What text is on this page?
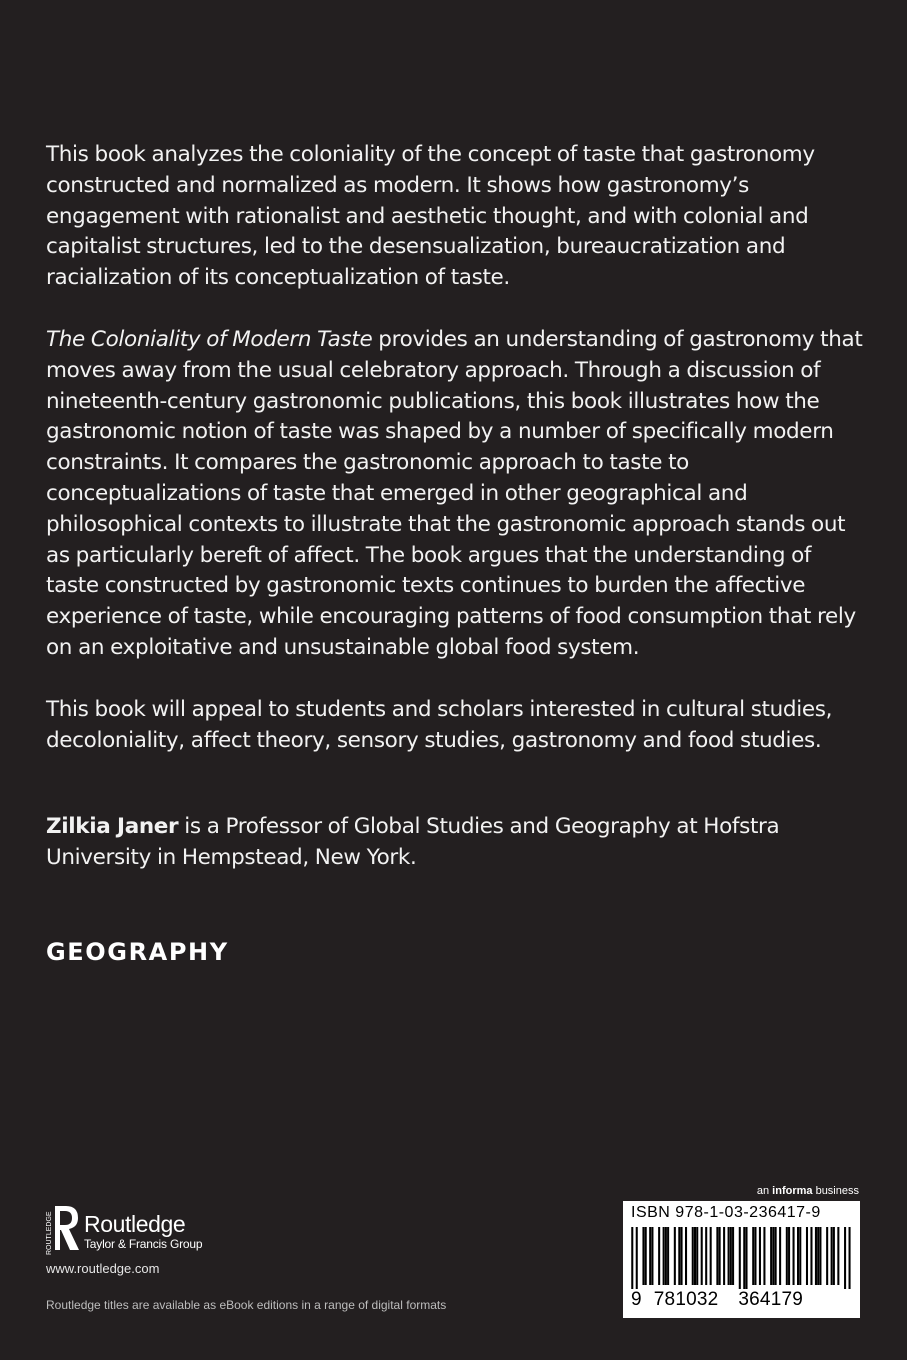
This book analyzes the coloniality of the concept of taste that gastronomy constructed and normalized as modern. It shows how gastronomy’s engagement with rationalist and aesthetic thought, and with colonial and capitalist structures, led to the desensualization, bureaucratization and racialization of its conceptualization of taste.

The Coloniality of Modern Taste provides an understanding of gastronomy that moves away from the usual celebratory approach. Through a discussion of nineteenth-century gastronomic publications, this book illustrates how the gastronomic notion of taste was shaped by a number of specifically modern constraints. It compares the gastronomic approach to taste to conceptualizations of taste that emerged in other geographical and philosophical contexts to illustrate that the gastronomic approach stands out as particularly bereft of affect. The book argues that the understanding of taste constructed by gastronomic texts continues to burden the affective experience of taste, while encouraging patterns of food consumption that rely on an exploitative and unsustainable global food system.

This book will appeal to students and scholars interested in cultural studies, decoloniality, affect theory, sensory studies, gastronomy and food studies.

Zilkia Janer is a Professor of Global Studies and Geography at Hofstra University in Hempstead, New York.

GEOGRAPHY

ROUTLEDGE Routledge
Taylor & Francis Group
www.routledge.com
Routledge titles are available as eBook editions in a range of digital formats
an informa business
ISBN 978-1-03-236417-9
9 781032 364179
